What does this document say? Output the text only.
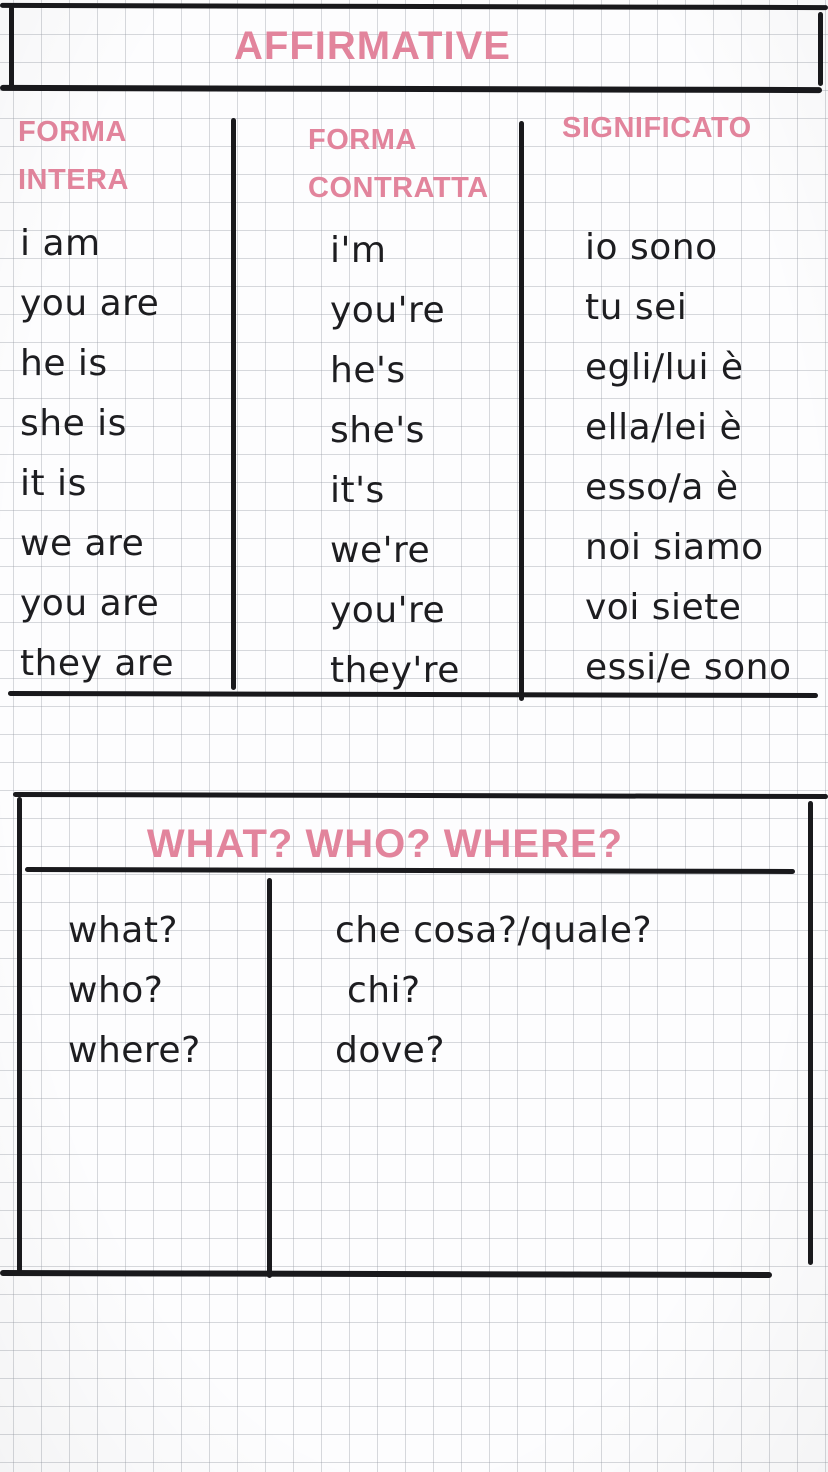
AFFIRMATIVE
FORMA INTERA
FORMA CONTRATTA
SIGNIFICATO
i am
you are
he is
she is
it is
we are
you are
they are
i'm
you're
he's
she's
it's
we're
you're
they're
io sono
tu sei
egli/lui è
ella/lei è
esso/a è
noi siamo
voi siete
essi/e sono
WHAT? WHO? WHERE?
what?
who?
where?
che cosa?/quale?
chi?
dove?
